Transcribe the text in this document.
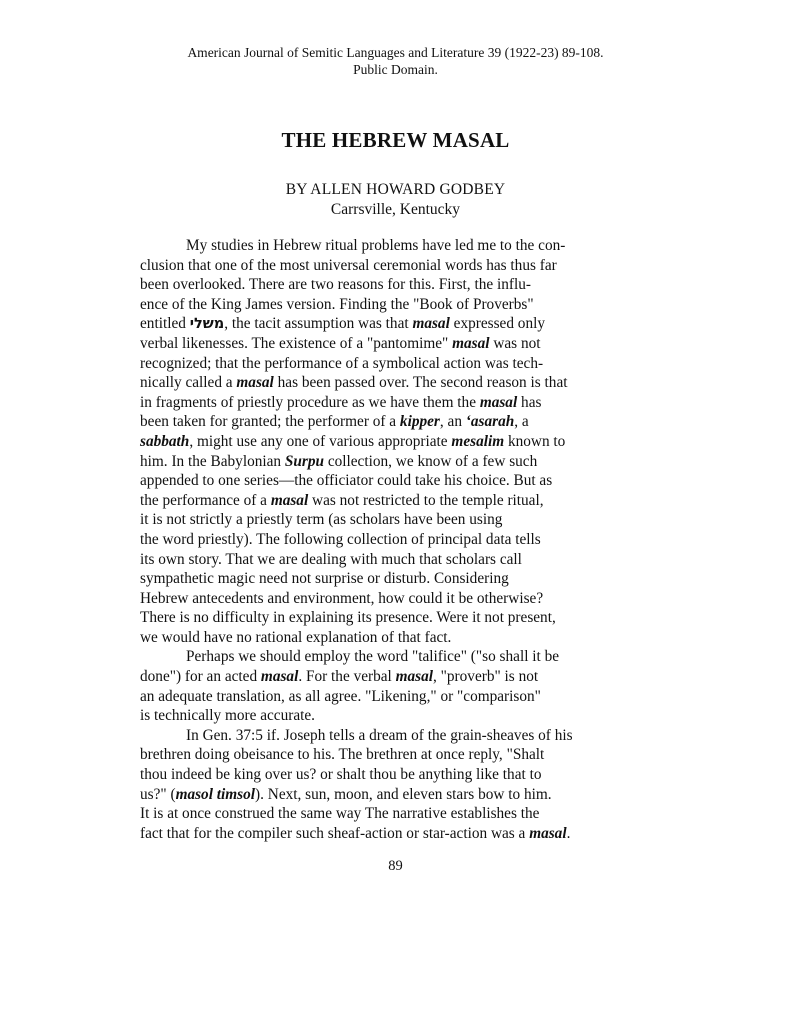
American Journal of Semitic Languages and Literature 39 (1922-23) 89-108.
Public Domain.
THE HEBREW MASAL
BY ALLEN HOWARD GODBEY
Carrsville, Kentucky
My studies in Hebrew ritual problems have led me to the con-
clusion that one of the most universal ceremonial words has thus far
been overlooked. There are two reasons for this. First, the influ-
ence of the King James version. Finding the "Book of Proverbs"
entitled משלי, the tacit assumption was that masal expressed only
verbal likenesses. The existence of a "pantomime" masal was not
recognized; that the performance of a symbolical action was tech-
nically called a masal has been passed over. The second reason is that
in fragments of priestly procedure as we have them the masal has
been taken for granted; the performer of a kipper, an ‘asarah, a
sabbath, might use any one of various appropriate mesalim known to
him. In the Babylonian Surpu collection, we know of a few such
appended to one series—the officiator could take his choice. But as
the performance of a masal was not restricted to the temple ritual,
it is not strictly a priestly term (as scholars have been using
the word priestly). The following collection of principal data tells
its own story. That we are dealing with much that scholars call
sympathetic magic need not surprise or disturb. Considering
Hebrew antecedents and environment, how could it be otherwise?
There is no difficulty in explaining its presence. Were it not present,
we would have no rational explanation of that fact.
Perhaps we should employ the word "talifice" ("so shall it be
done") for an acted masal. For the verbal masal, "proverb" is not
an adequate translation, as all agree. "Likening," or "comparison"
is technically more accurate.
In Gen. 37:5 if. Joseph tells a dream of the grain-sheaves of his
brethren doing obeisance to his. The brethren at once reply, "Shalt
thou indeed be king over us? or shalt thou be anything like that to
us?" (masol timsol). Next, sun, moon, and eleven stars bow to him.
It is at once construed the same way The narrative establishes the
fact that for the compiler such sheaf-action or star-action was a masal.
89
